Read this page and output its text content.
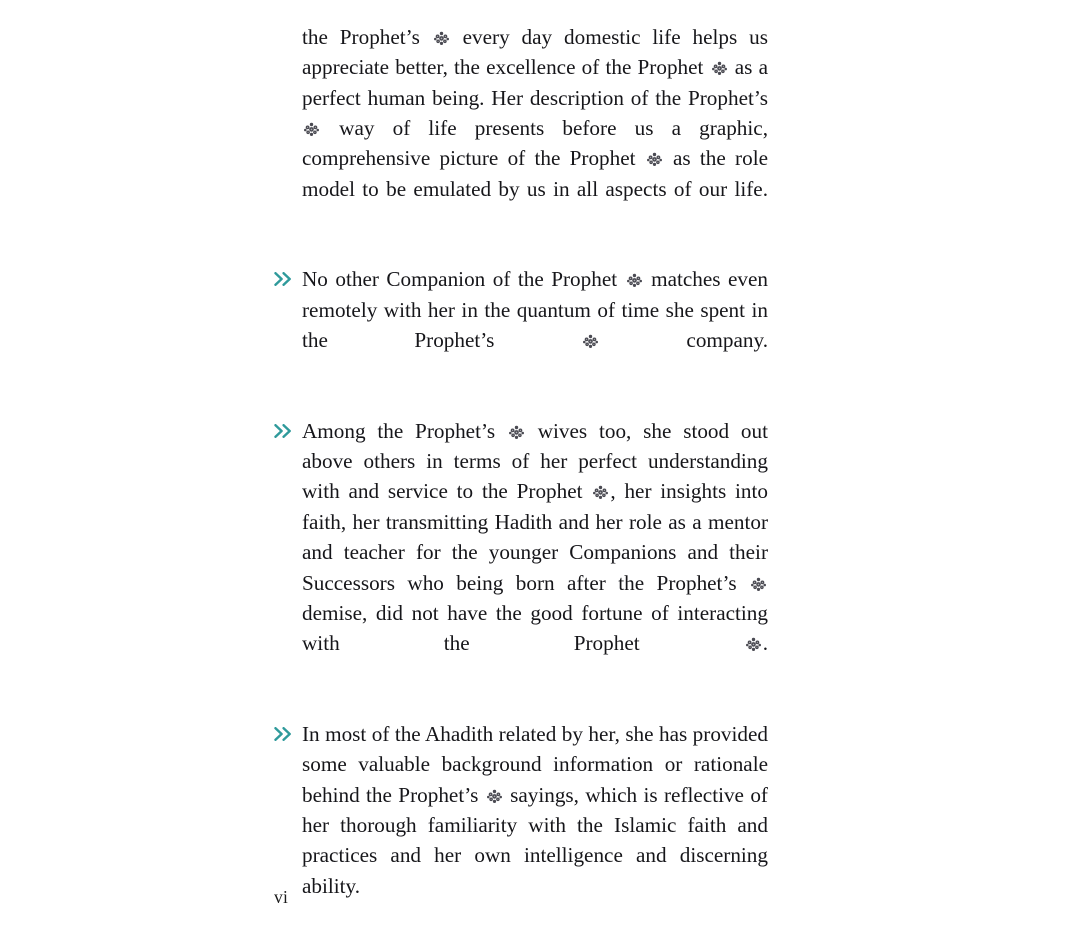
the Prophet’s
every day domestic life helps us appreciate better, the excellence of the Prophet
as a perfect human being. Her description of the Prophet’s
way of life presents before us a graphic, comprehensive picture of the Prophet
as the role model to be emulated by us in all aspects of our life.
No other Companion of the Prophet
matches even remotely with her in the quantum of time she spent in the Prophet’s
company.
Among the Prophet’s
wives too, she stood out above others in terms of her perfect understanding with and service to the Prophet
, her insights into faith, her transmitting Hadith and her role as a mentor and teacher for the younger Companions and their Successors who being born after the Prophet’s
demise, did not have the good fortune of interacting with the Prophet
.
In most of the Ahadith related by her, she has provided some valuable background information or rationale behind the Prophet’s
sayings, which is reflective of her thorough familiarity with the Islamic faith and practices and her own intelligence and discerning ability.
vi
